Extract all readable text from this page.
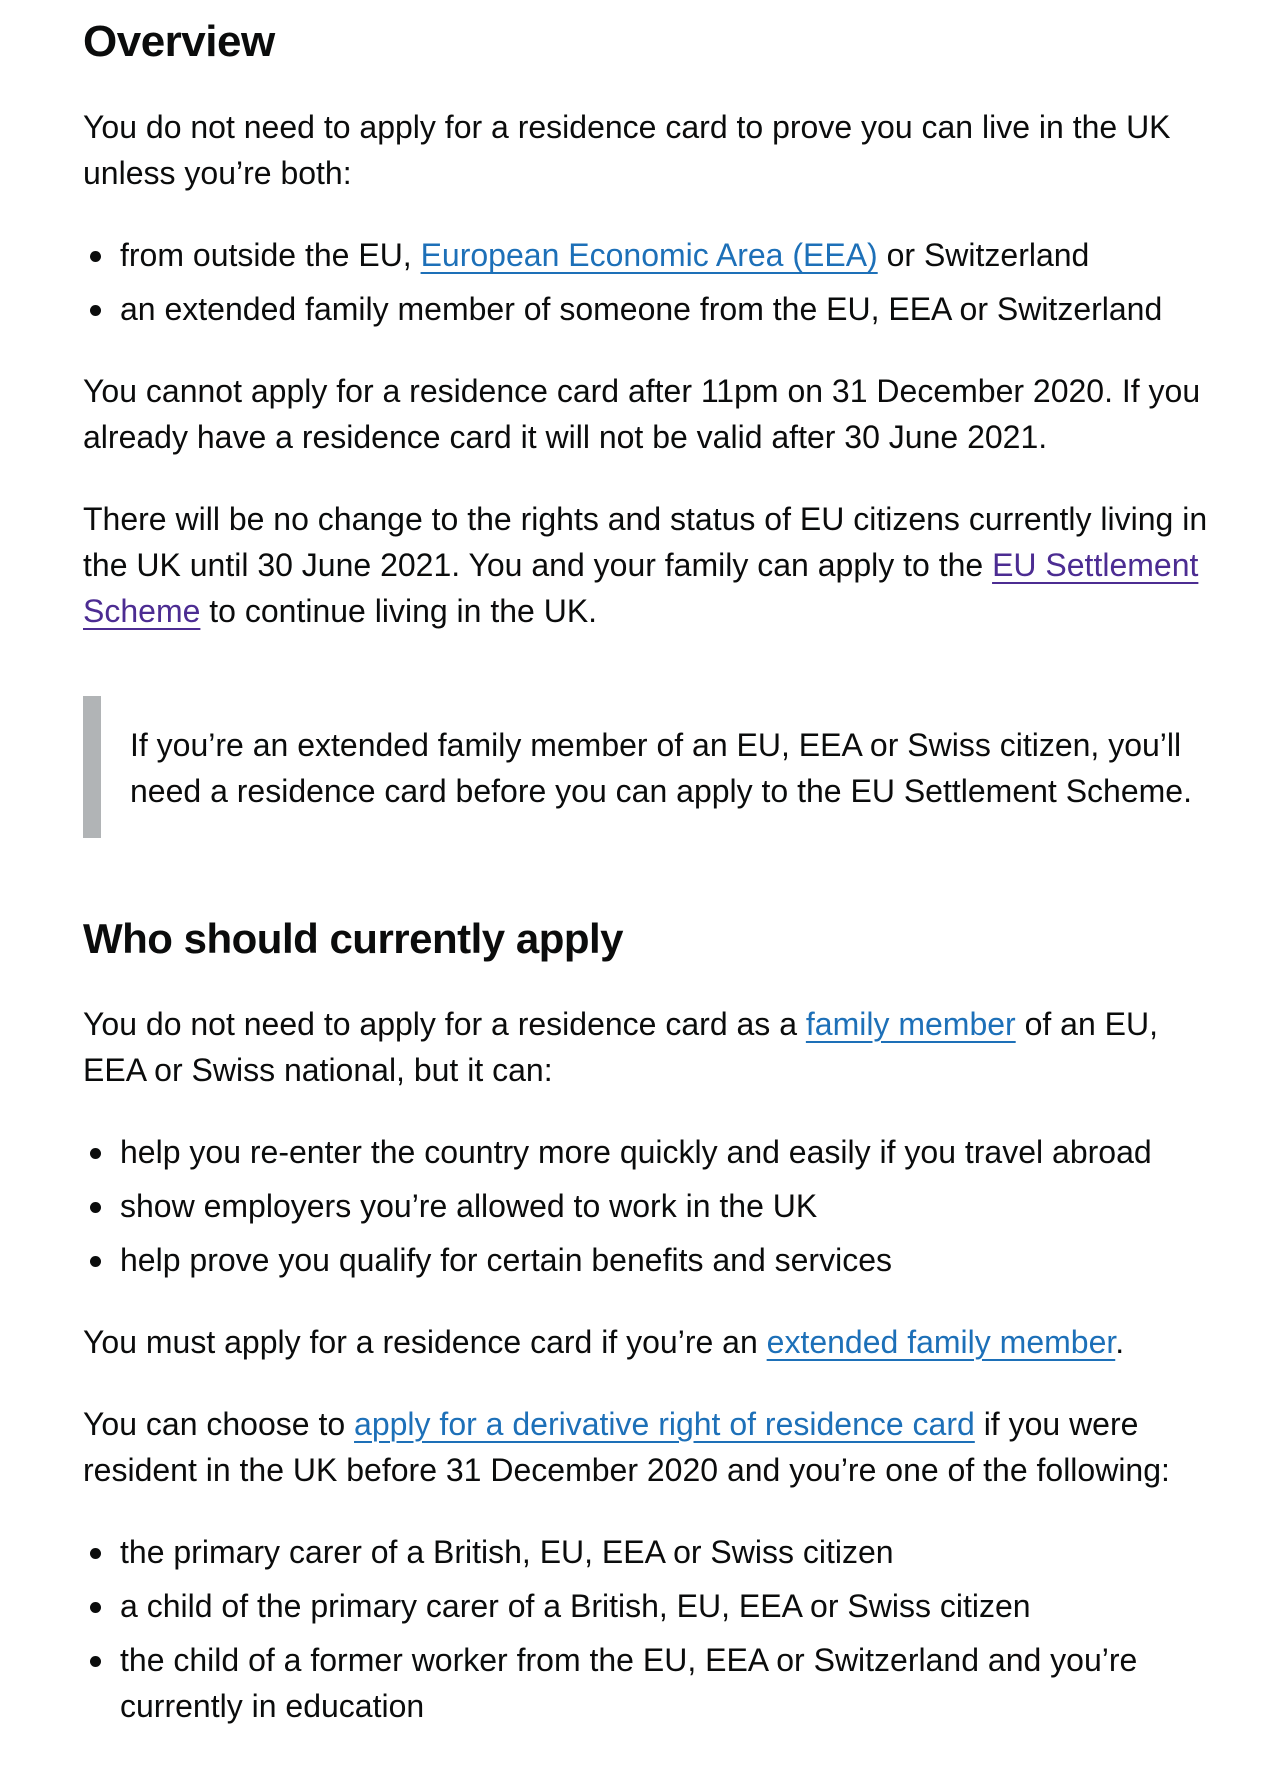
Overview

You do not need to apply for a residence card to prove you can live in the UK unless you’re both:

from outside the EU, European Economic Area (EEA) or Switzerland
an extended family member of someone from the EU, EEA or Switzerland

You cannot apply for a residence card after 11pm on 31 December 2020. If you already have a residence card it will not be valid after 30 June 2021.

There will be no change to the rights and status of EU citizens currently living in the UK until 30 June 2021. You and your family can apply to the EU Settlement Scheme to continue living in the UK.

If you’re an extended family member of an EU, EEA or Swiss citizen, you’ll need a residence card before you can apply to the EU Settlement Scheme.

Who should currently apply

You do not need to apply for a residence card as a family member of an EU, EEA or Swiss national, but it can:

help you re-enter the country more quickly and easily if you travel abroad
show employers you’re allowed to work in the UK
help prove you qualify for certain benefits and services

You must apply for a residence card if you’re an extended family member.

You can choose to apply for a derivative right of residence card if you were resident in the UK before 31 December 2020 and you’re one of the following:

the primary carer of a British, EU, EEA or Swiss citizen
a child of the primary carer of a British, EU, EEA or Swiss citizen
the child of a former worker from the EU, EEA or Switzerland and you’re currently in education
